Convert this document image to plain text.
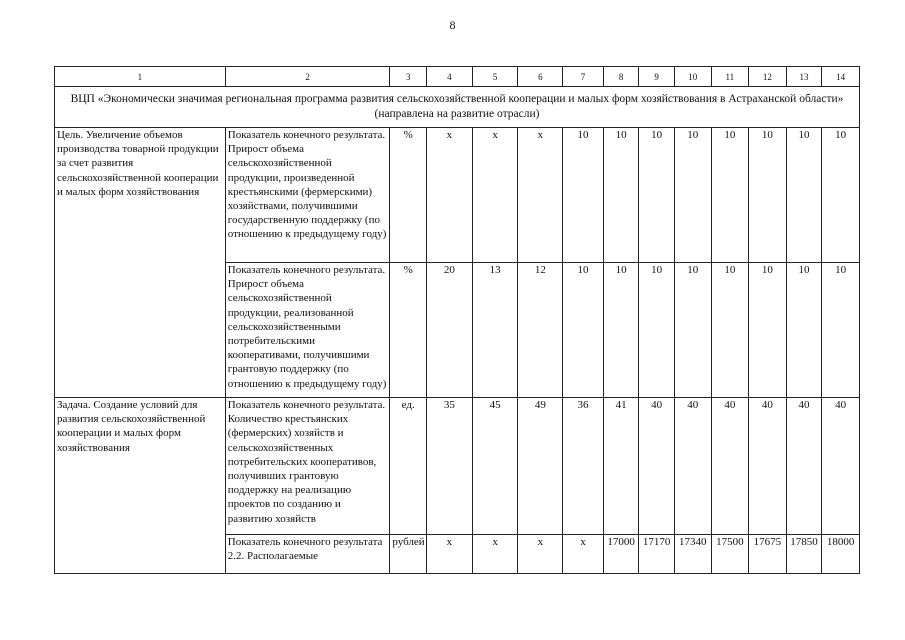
8
1	2	3	4	5	6	7	8	9	10	11	12	13	14
ВЦП «Экономически значимая региональная программа развития сельскохозяйственной кооперации и малых форм хозяйствования в Астраханской области» (направлена на развитие отрасли)													
Цель. Увеличение объемов производства товарной продукции за счет развития сельскохозяйственной кооперации и малых форм хозяйствования	Показатель конечного результата. Прирост объема сельскохозяйственной продукции, произведенной крестьянскими (фермерскими) хозяйствами, получившими государственную поддержку (по отношению к предыдущему году)	%	х	х	х	10	10	10	10	10	10	10	10
	Показатель конечного результата. Прирост объема сельскохозяйственной продукции, реализованной сельскохозяйственными потребительскими кооперативами, получившими грантовую поддержку (по отношению к предыдущему году)	%	20	13	12	10	10	10	10	10	10	10	10
Задача. Создание условий для развития сельскохозяйственной кооперации и малых форм хозяйствования	Показатель конечного результата. Количество крестьянских (фермерских) хозяйств и сельскохозяйственных потребительских кооперативов, получивших грантовую поддержку на реализацию проектов по созданию и развитию хозяйств	ед.	35	45	49	36	41	40	40	40	40	40	40
	Показатель конечного результата 2.2. Располагаемые	рублей	х	х	х	х	17000	17170	17340	17500	17675	17850	18000
